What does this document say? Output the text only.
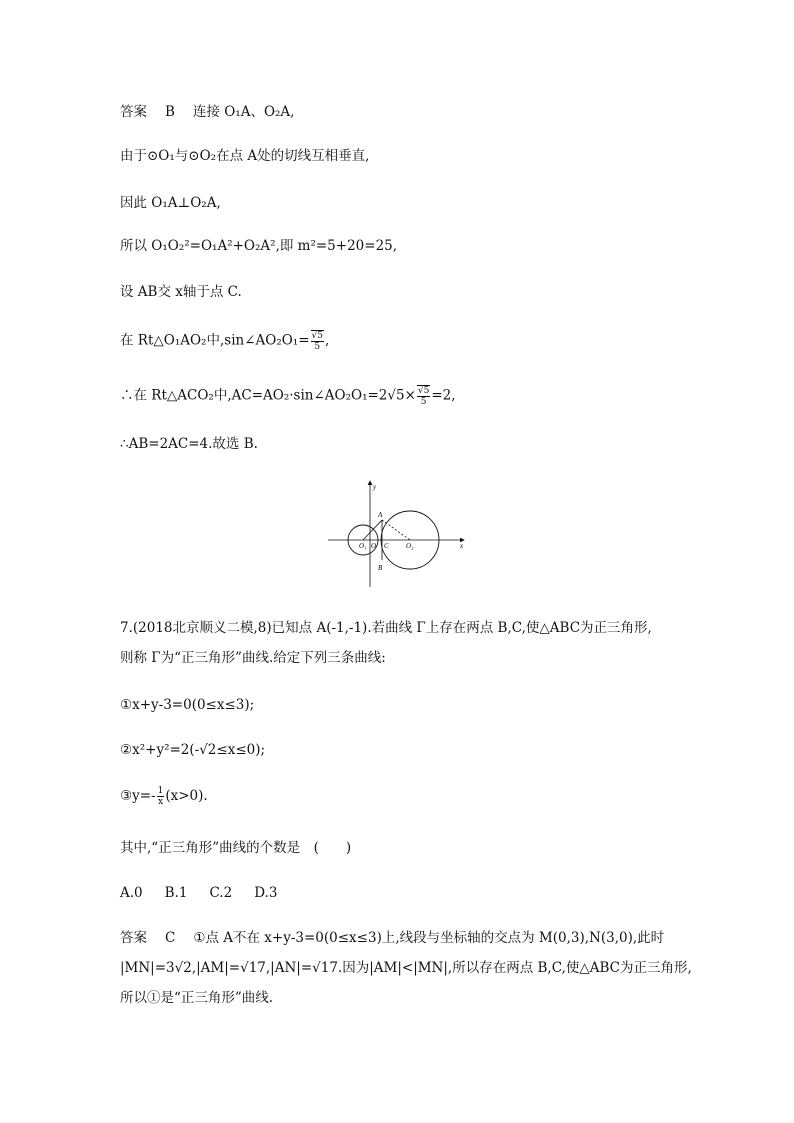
答案 B 连接 O₁A、O₂A,
由于⊙O₁与⊙O₂在点 A处的切线互相垂直,
因此 O₁A⊥O₂A,
所以 O₁O₂²=O₁A²+O₂A²,即 m²=5+20=25,
设 AB交 x轴于点 C.
在 Rt△O₁AO₂中,sin∠AO₂O₁= $\frac{√5}{5}$ ,
∴在 Rt△ACO₂中,AC=AO₂·sin∠AO₂O₁=2√5× $\frac{√5}{5} =2$,
∴AB=2AC=4.故选 B.
y
x
A
B
C
O
O₁	O₂
7.(2018北京顺义二模,8)已知点 A(-1,-1).若曲线 Γ上存在两点 B,C,使△ABC为正三角形,
则称 Γ为“正三角形”曲线.给定下列三条曲线:
①x+y-3=0(0≤x≤3);
②x²+y²=2(-√2≤x≤0);
③y=- $\frac{1}{x} (x>0)$.
其中,“正三角形”曲线的个数是　(　　)
A.0 B.1 C.2 D.3
答案 C ①点 A不在 x+y-3=0(0≤x≤3)上,线段与坐标轴的交点为 M(0,3),N(3,0),此时
|MN|=3√2,|AM|=√17,|AN|=√17.因为|AM|<|MN|,所以存在两点 B,C,使△ABC为正三角形,
所以①是“正三角形”曲线.
